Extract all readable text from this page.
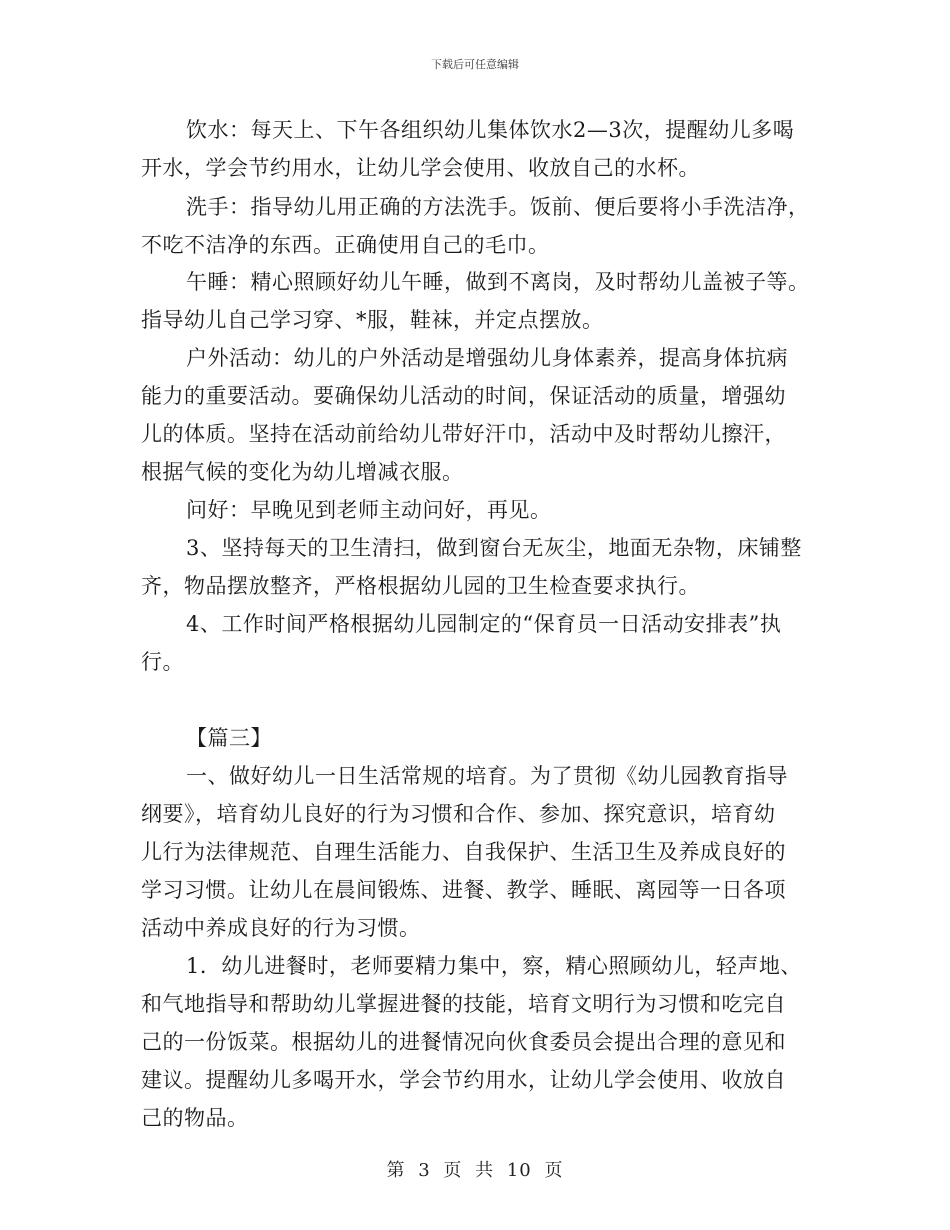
下载后可任意编辑
饮水：每天上、下午各组织幼儿集体饮水2—3次，提醒幼儿多喝
开水，学会节约用水，让幼儿学会使用、收放自己的水杯。
洗手：指导幼儿用正确的方法洗手。饭前、便后要将小手洗洁净，
不吃不洁净的东西。正确使用自己的毛巾。
午睡：精心照顾好幼儿午睡，做到不离岗，及时帮幼儿盖被子等。
指导幼儿自己学习穿、*服，鞋袜，并定点摆放。
户外活动：幼儿的户外活动是增强幼儿身体素养，提高身体抗病
能力的重要活动。要确保幼儿活动的时间，保证活动的质量，增强幼
儿的体质。坚持在活动前给幼儿带好汗巾，活动中及时帮幼儿擦汗，
根据气候的变化为幼儿增减衣服。
问好：早晚见到老师主动问好，再见。
3、坚持每天的卫生清扫，做到窗台无灰尘，地面无杂物，床铺整
齐，物品摆放整齐，严格根据幼儿园的卫生检查要求执行。
4、工作时间严格根据幼儿园制定的“保育员一日活动安排表”执
行。
【篇三】
一、做好幼儿一日生活常规的培育。为了贯彻《幼儿园教育指导
纲要》，培育幼儿良好的行为习惯和合作、参加、探究意识，培育幼
儿行为法律规范、自理生活能力、自我保护、生活卫生及养成良好的
学习习惯。让幼儿在晨间锻炼、进餐、教学、睡眠、离园等一日各项
活动中养成良好的行为习惯。
1．幼儿进餐时，老师要精力集中，察，精心照顾幼儿，轻声地、
和气地指导和帮助幼儿掌握进餐的技能，培育文明行为习惯和吃完自
己的一份饭菜。根据幼儿的进餐情况向伙食委员会提出合理的意见和
建议。提醒幼儿多喝开水，学会节约用水，让幼儿学会使用、收放自
己的物品。
第 3 页 共 10 页
